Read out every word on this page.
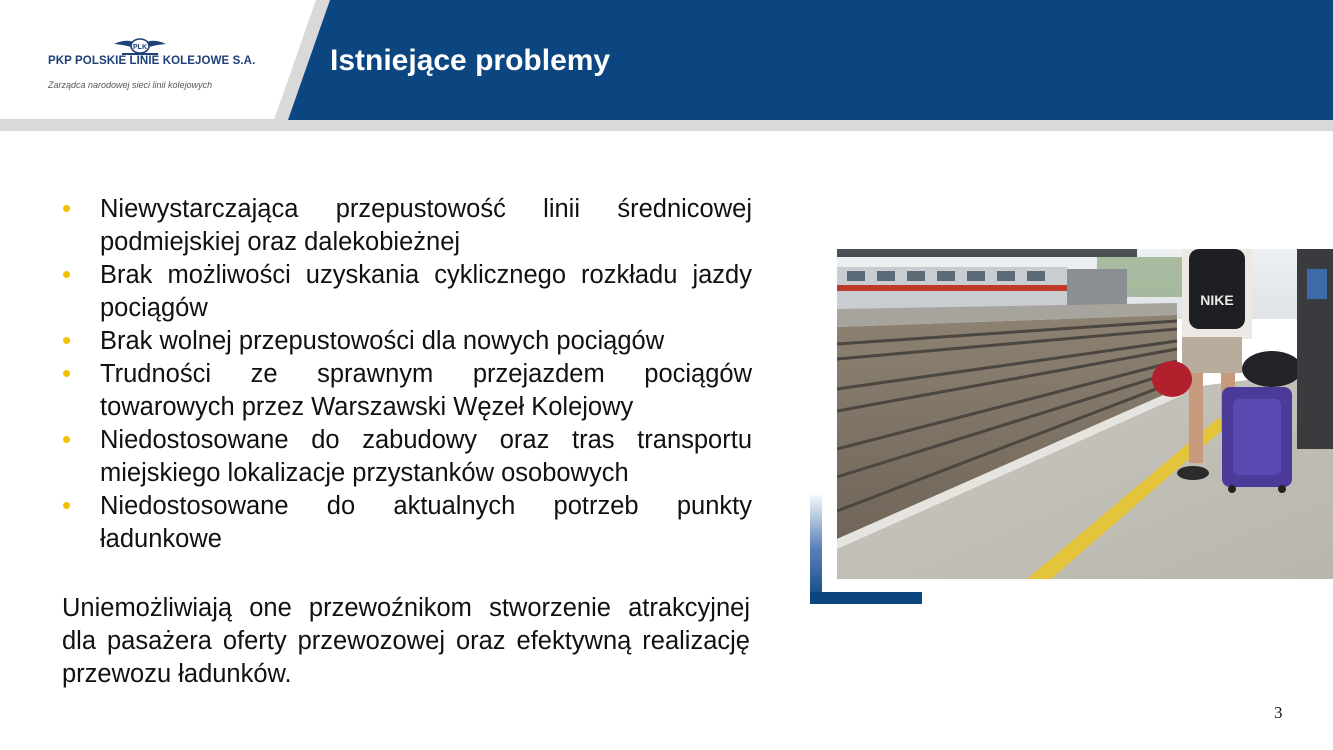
PLK
PKP POLSKIE LINIE KOLEJOWE S.A.
Zarządca narodowej sieci linii kolejowych
Istniejące problemy
• Niewystarczająca przepustowość linii średnicowej podmiejskiej oraz dalekobieżnej
• Brak możliwości uzyskania cyklicznego rozkładu jazdy pociągów
• Brak wolnej przepustowości dla nowych pociągów
• Trudności ze sprawnym przejazdem pociągów towarowych przez Warszawski Węzeł Kolejowy
• Niedostosowane do zabudowy oraz tras transportu miejskiego lokalizacje przystanków osobowych
• Niedostosowane do aktualnych potrzeb punkty ładunkowe

Uniemożliwiają one przewoźnikom stworzenie atrakcyjnej dla pasażera oferty przewozowej oraz efektywną realizację przewozu ładunków.

NIKE
3
